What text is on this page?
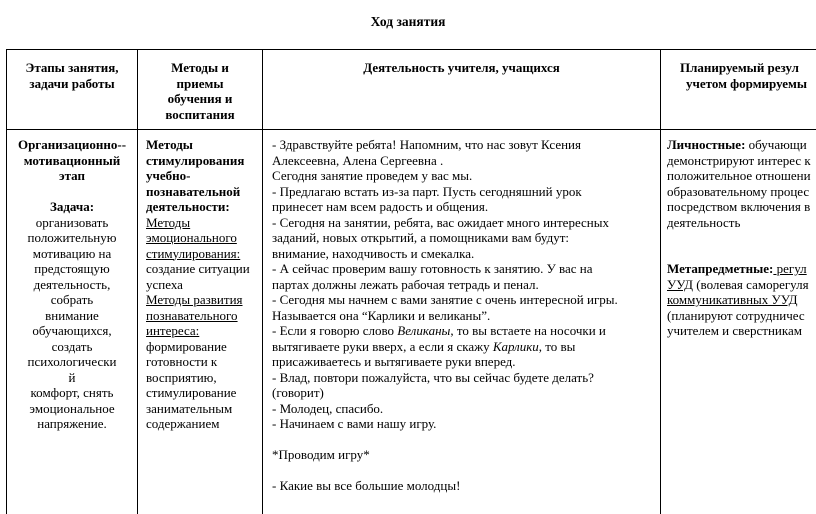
Ход занятия
Этапы занятия,
задачи работы
Методы и
приемы
обучения и
воспитания
Деятельность учителя, учащихся	Планируемый резул
учетом формируемы
Организационно--
мотивационный
этап
Задача:
организовать
положительную
мотивацию на
предстоящую
деятельность,
собрать
внимание
обучающихся,
создать
психологически
й
комфорт, снять
эмоциональное
напряжение.
Методы
стимулирования
учебно-
познавательной
деятельности:
Методы
эмоционального
стимулирования:
создание ситуации
успеха
Методы развития
познавательного
интереса:
формирование
готовности к
восприятию,
стимулирование
занимательным
содержанием
- Здравствуйте ребята! Напомним, что нас зовут Ксения
Алексеевна, Алена Сергеевна .
Сегодня занятие проведем у вас мы.
- Предлагаю встать из-за парт. Пусть сегодняшний урок
принесет нам всем радость и общения.
- Сегодня на занятии, ребята, вас ожидает много интересных
заданий, новых открытий, а помощниками вам будут:
внимание, находчивость и смекалка.
- А сейчас проверим вашу готовность к занятию. У вас на
партах должны лежать рабочая тетрадь и пенал.
- Сегодня мы начнем с вами занятие с очень интересной игры.
Называется она “Карлики и великаны”.
- Если я говорю слово Великаны, то вы встаете на носочки и
вытягиваете руки вверх, а если я скажу Карлики, то вы
присаживаетесь и вытягиваете руки вперед.
- Влад, повтори пожалуйста, что вы сейчас будете делать?
(говорит)
- Молодец, спасибо.
- Начинаем с вами нашу игру.
*Проводим игру*
- Какие вы все большие молодцы!
Личностные: обучающи
демонстрируют интерес к
положительное отношени
образовательному процес
посредством включения в
деятельность
Метапредметные: регул
УУД (волевая саморегуля
коммуникативных УУД
(планируют сотрудничес
учителем и сверстникам
